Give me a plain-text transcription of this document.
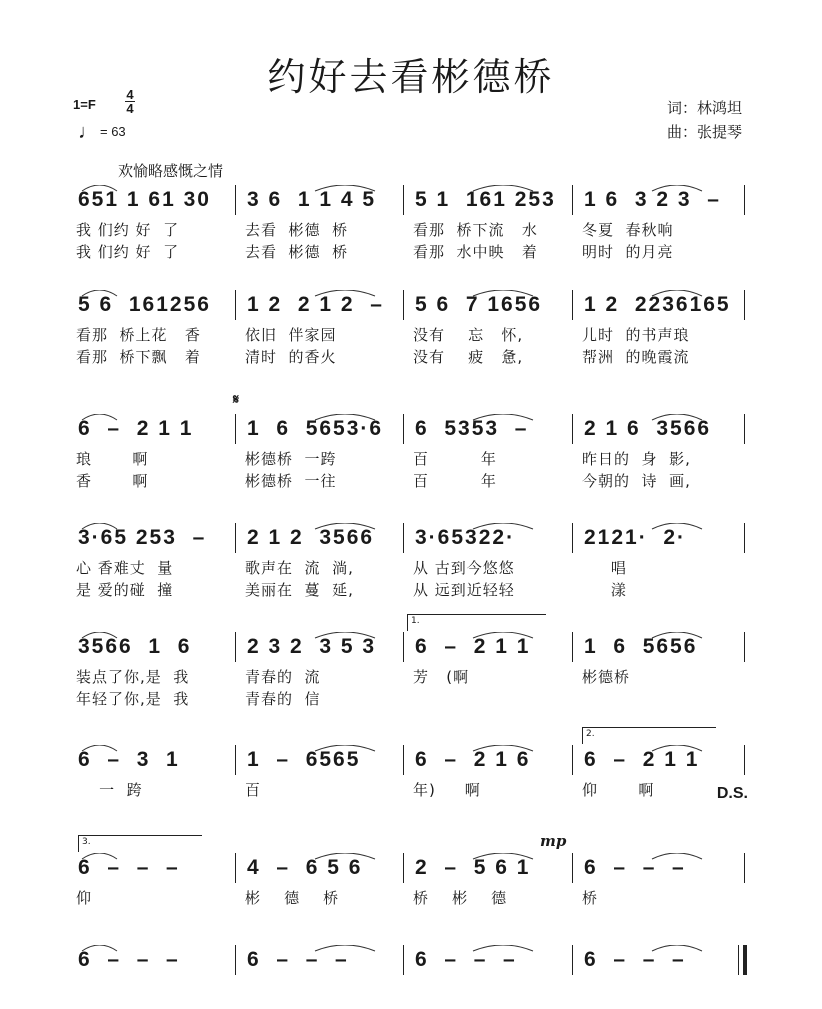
约好去看彬德桥
1=F
4
4
♩ = 63
词：林鸿坦
曲：张提琴
欢愉略感慨之情
mp
651 1 61 30 3 6  1 1 4 5 5 1  161 253 1 6  3 2 3  –
我 们约 好  了	去看  彬德  桥	看那  桥下流   水	冬夏  春秋响
我 们约 好  了	去看  彬德  桥	看那  水中映   着	明时  的月亮
5 6  161256 1 2  2 1 2  – 5 6  7 1656 1 2  2236165
看那  桥上花   香	依旧  伴家园	没有    忘   怀,	儿时  的书声琅
看那  桥下飘   着	清时  的香火	没有    疲   惫,	帮洲  的晚霞流
6  –  2 1 1	1  6  5653·6 6  5353  –	2 1 6  3566
𝄋
琅       啊	彬德桥  一跨	百         年	昨日的  身  影,
香       啊	彬德桥  一往	百         年	今朝的  诗  画,
3·65 253  – 2 1 2  3566 3·65322·	2121·  2·
心 香难丈  量	歌声在  流  淌,	从 古到今悠悠	唱
是 爱的碰  撞	美丽在  蔓  延,	从 远到近轻轻	漾
3566  1  6	2 3 2  3 5 3 6  –  2 1 1	1  6  5656
1.
装点了你,是  我	青春的  流	芳   (啊	彬德桥
年轻了你,是  我	青春的  信
6  –  3  1	1  –  6565	6  –  2 1 6	6  –  2 1 1
2.
D.S.
一  跨	百	年)     啊	仰       啊
6  –  –  –	4  –  6 5 6	2  –  5 6 1	6  –  –  –
3.
仰	彬    德    桥	桥    彬    德	桥
6  –  –  –	6  –  –  –	6  –  –  –	6  –  –  –
